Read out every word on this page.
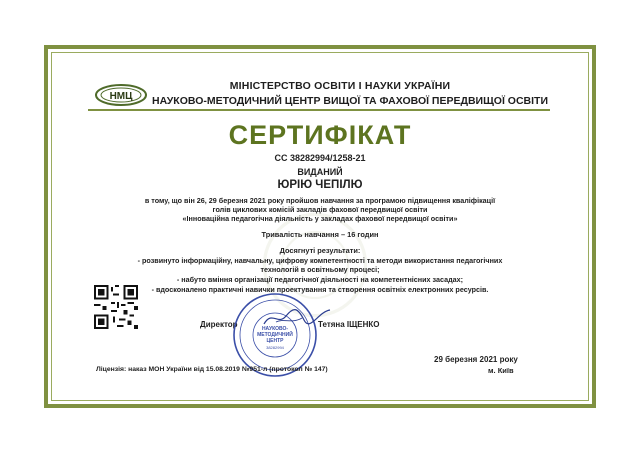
НМЦ
МІНІСТЕРСТВО ОСВІТИ І НАУКИ УКРАЇНИ
НАУКОВО-МЕТОДИЧНИЙ ЦЕНТР ВИЩОЇ ТА ФАХОВОЇ ПЕРЕДВИЩОЇ ОСВІТИ
СЕРТИФІКАТ
СС 38282994/1258-21
ВИДАНИЙ
ЮРІЮ ЧЕПІЛЮ
в тому, що він 26, 29 березня 2021 року пройшов навчання за програмою підвищення кваліфікації
голів циклових комісій закладів фахової передвищої освіти
«Інноваційна педагогічна діяльність у закладах фахової передвищої освіти»
Тривалість навчання – 16 годин
Досягнуті результати:
- розвинуто інформаційну, навчальну, цифрову компетентності та методи використання педагогічних
технологій в освітньому процесі;
- набуто вміння організації педагогічної діяльності на компетентнісних засадах;
- вдосконалено практичні навички проектування та створення освітніх електронних ресурсів.
Директор	НАУКОВО-
МЕТОДИЧНИЙ
ЦЕНТР
38282994
Тетяна ІЩЕНКО
29 березня 2021 року
м. Київ
Ліцензія: наказ МОН України від 15.08.2019 №951-л (протокол № 147)
